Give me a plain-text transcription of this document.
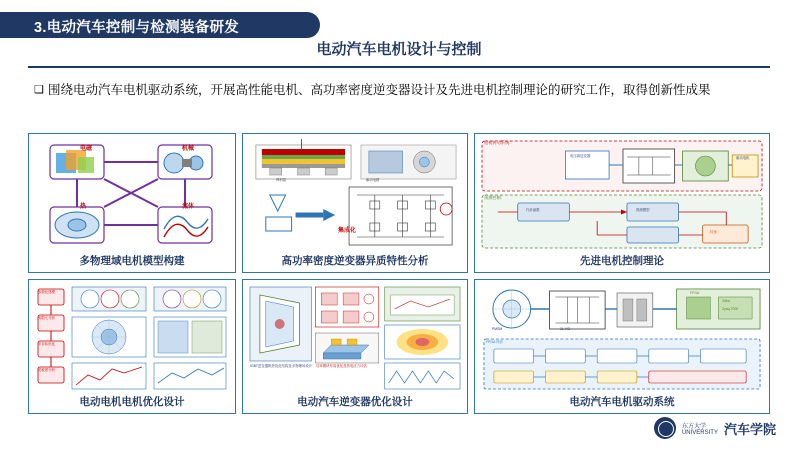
3.电动汽车控制与检测装备研发
电动汽车电机设计与控制
❑ 围绕电动汽车电机驱动系统，开展高性能电机、高功率密度逆变器设计及先进电机控制理论的研究工作，取得创新性成果
电磁	机械
流体
热
多物理域电机模型构建
焊料层	驱动电路
集成化
高功率密度逆变器异质特性分析
电机传动系统：
电压源逆变器	驱动电机
预测控制：
代价函数	预测模型
转速
先进电机控制理论
参数化建模
有限元分析
多目标优化
灵敏度分析
电动电机电机优化设计
功率模块布局优化及热电应力评估
IGBT逆变器散热优化结构及多物理场设计
电动汽车逆变器优化设计
PMSM	2L-VSI
FPGA
FPGA 内部
Xilinx
Zynq-7000
电动汽车电机驱动系统
东方大学
UNIVERSITY 汽车学院
